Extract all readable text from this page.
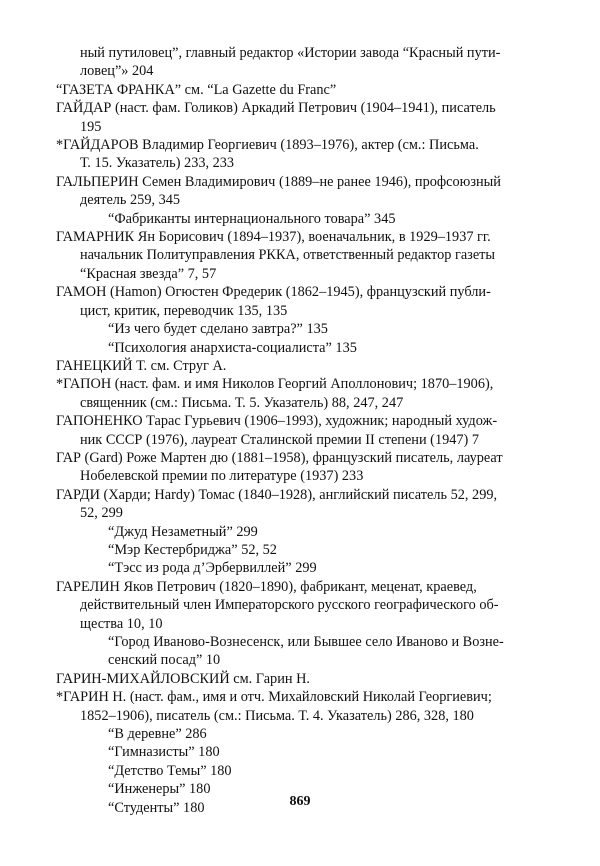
ный путиловец”, главный редактор «Истории завода “Красный пути-
ловец”» 204
“ГАЗЕТА ФРАНКА” см. “La Gazette du Franc”
ГАЙДАР (наст. фам. Голиков) Аркадий Петрович (1904–1941), писатель
195
*ГАЙДАРОВ Владимир Георгиевич (1893–1976), актер (см.: Письма.
Т. 15. Указатель) 233, 233
ГАЛЬПЕРИН Семен Владимирович (1889–не ранее 1946), профсоюзный
деятель 259, 345
“Фабриканты интернационального товара” 345
ГАМАРНИК Ян Борисович (1894–1937), военачальник, в 1929–1937 гг.
начальник Политуправления РККА, ответственный редактор газеты
“Красная звезда” 7, 57
ГАМОН (Hamon) Огюстен Фредерик (1862–1945), французский публи-
цист, критик, переводчик 135, 135
“Из чего будет сделано завтра?” 135
“Психология анархиста-социалиста” 135
ГАНЕЦКИЙ Т. см. Струг А.
*ГАПОН (наст. фам. и имя Николов Георгий Аполлонович; 1870–1906),
священник (см.: Письма. Т. 5. Указатель) 88, 247, 247
ГАПОНЕНКО Тарас Гурьевич (1906–1993), художник; народный худож-
ник СССР (1976), лауреат Сталинской премии II степени (1947) 7
ГАР (Gard) Роже Мартен дю (1881–1958), французский писатель, лауреат
Нобелевской премии по литературе (1937) 233
ГАРДИ (Харди; Hardy) Томас (1840–1928), английский писатель 52, 299,
52, 299
“Джуд Незаметный” 299
“Мэр Кестербриджа” 52, 52
“Тэсс из рода д’Эрбервиллей” 299
ГАРЕЛИН Яков Петрович (1820–1890), фабрикант, меценат, краевед,
действительный член Императорского русского географического об-
щества 10, 10
“Город Иваново-Вознесенск, или Бывшее село Иваново и Возне-
сенский посад” 10
ГАРИН-МИХАЙЛОВСКИЙ см. Гарин Н.
*ГАРИН Н. (наст. фам., имя и отч. Михайловский Николай Георгиевич;
1852–1906), писатель (см.: Письма. Т. 4. Указатель) 286, 328, 180
“В деревне” 286
“Гимназисты” 180
“Детство Темы” 180
“Инженеры” 180
“Студенты” 180	869
